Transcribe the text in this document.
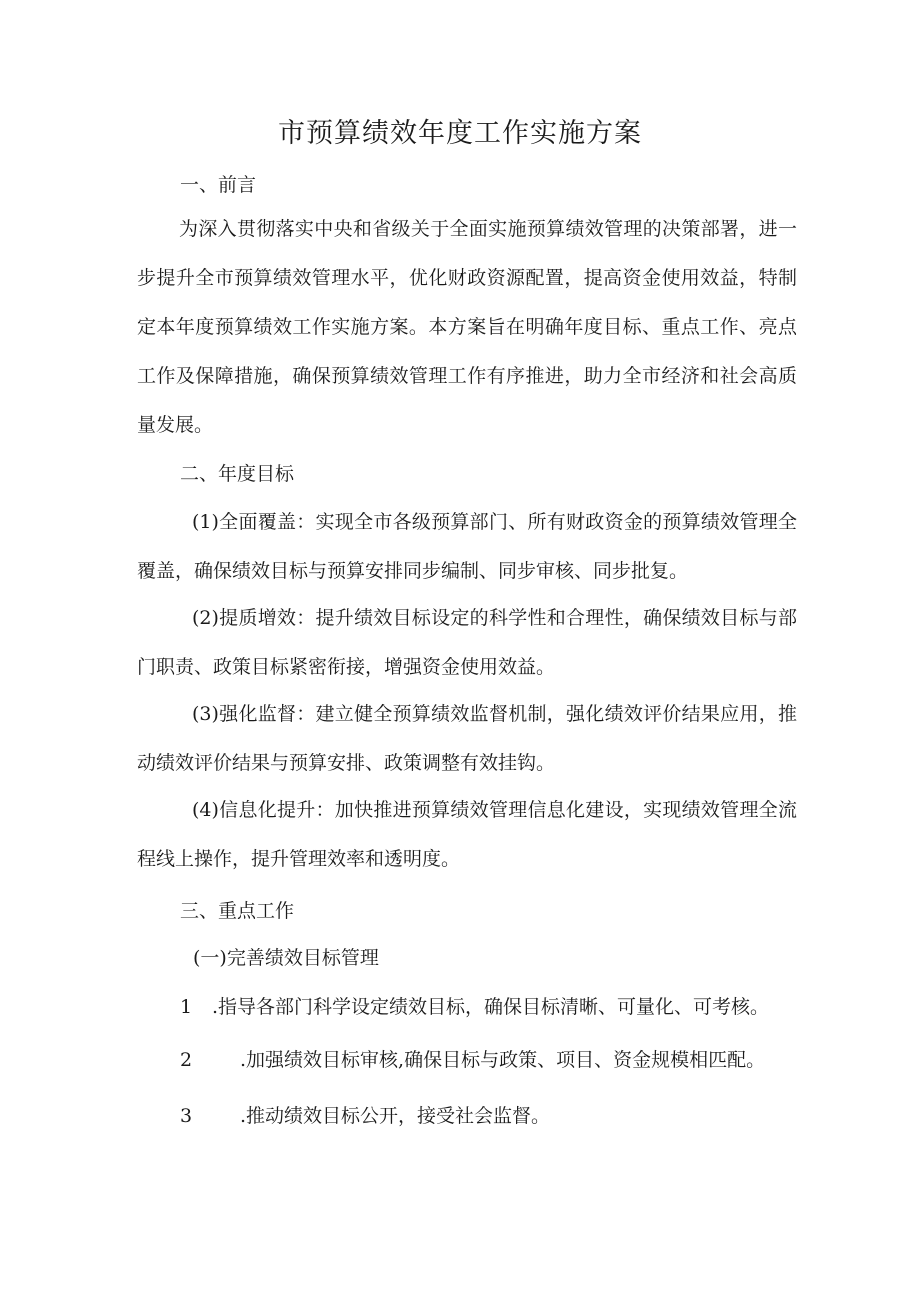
市预算绩效年度工作实施方案
一、前言
为深入贯彻落实中央和省级关于全面实施预算绩效管理的决策部署，进一步提升全市预算绩效管理水平，优化财政资源配置，提高资金使用效益，特制定本年度预算绩效工作实施方案。本方案旨在明确年度目标、重点工作、亮点工作及保障措施，确保预算绩效管理工作有序推进，助力全市经济和社会高质量发展。
二、年度目标
(1)全面覆盖：实现全市各级预算部门、所有财政资金的预算绩效管理全覆盖，确保绩效目标与预算安排同步编制、同步审核、同步批复。
(2)提质增效：提升绩效目标设定的科学性和合理性，确保绩效目标与部门职责、政策目标紧密衔接，增强资金使用效益。
(3)强化监督：建立健全预算绩效监督机制，强化绩效评价结果应用，推动绩效评价结果与预算安排、政策调整有效挂钩。
(4)信息化提升：加快推进预算绩效管理信息化建设，实现绩效管理全流程线上操作，提升管理效率和透明度。
三、重点工作
(一)完善绩效目标管理
1 .指导各部门科学设定绩效目标，确保目标清晰、可量化、可考核。
2	.加强绩效目标审核,确保目标与政策、项目、资金规模相匹配。
3	.推动绩效目标公开，接受社会监督。
